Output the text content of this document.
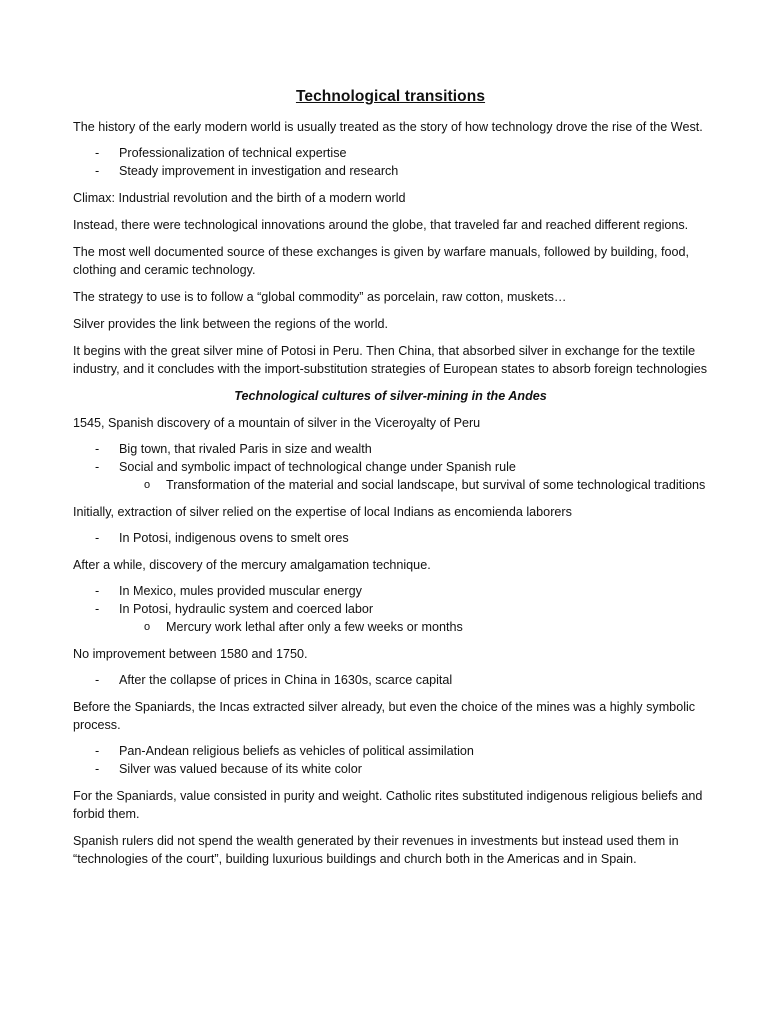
Technological transitions

The history of the early modern world is usually treated as the story of how technology drove the rise of the West.

- Professionalization of technical expertise
- Steady improvement in investigation and research

Climax: Industrial revolution and the birth of a modern world

Instead, there were technological innovations around the globe, that traveled far and reached different regions.

The most well documented source of these exchanges is given by warfare manuals, followed by building, food, clothing and ceramic technology.

The strategy to use is to follow a “global commodity” as porcelain, raw cotton, muskets…

Silver provides the link between the regions of the world.

It begins with the great silver mine of Potosi in Peru. Then China, that absorbed silver in exchange for the textile industry, and it concludes with the import-substitution strategies of European states to absorb foreign technologies

Technological cultures of silver-mining in the Andes

1545, Spanish discovery of a mountain of silver in the Viceroyalty of Peru

- Big town, that rivaled Paris in size and wealth
- Social and symbolic impact of technological change under Spanish rule
o Transformation of the material and social landscape, but survival of some technological traditions

Initially, extraction of silver relied on the expertise of local Indians as encomienda laborers

- In Potosi, indigenous ovens to smelt ores

After a while, discovery of the mercury amalgamation technique.

- In Mexico, mules provided muscular energy
- In Potosi, hydraulic system and coerced labor
o Mercury work lethal after only a few weeks or months

No improvement between 1580 and 1750.

- After the collapse of prices in China in 1630s, scarce capital

Before the Spaniards, the Incas extracted silver already, but even the choice of the mines was a highly symbolic process.

- Pan-Andean religious beliefs as vehicles of political assimilation
- Silver was valued because of its white color

For the Spaniards, value consisted in purity and weight. Catholic rites substituted indigenous religious beliefs and forbid them.

Spanish rulers did not spend the wealth generated by their revenues in investments but instead used them in “technologies of the court”, building luxurious buildings and church both in the Americas and in Spain.
